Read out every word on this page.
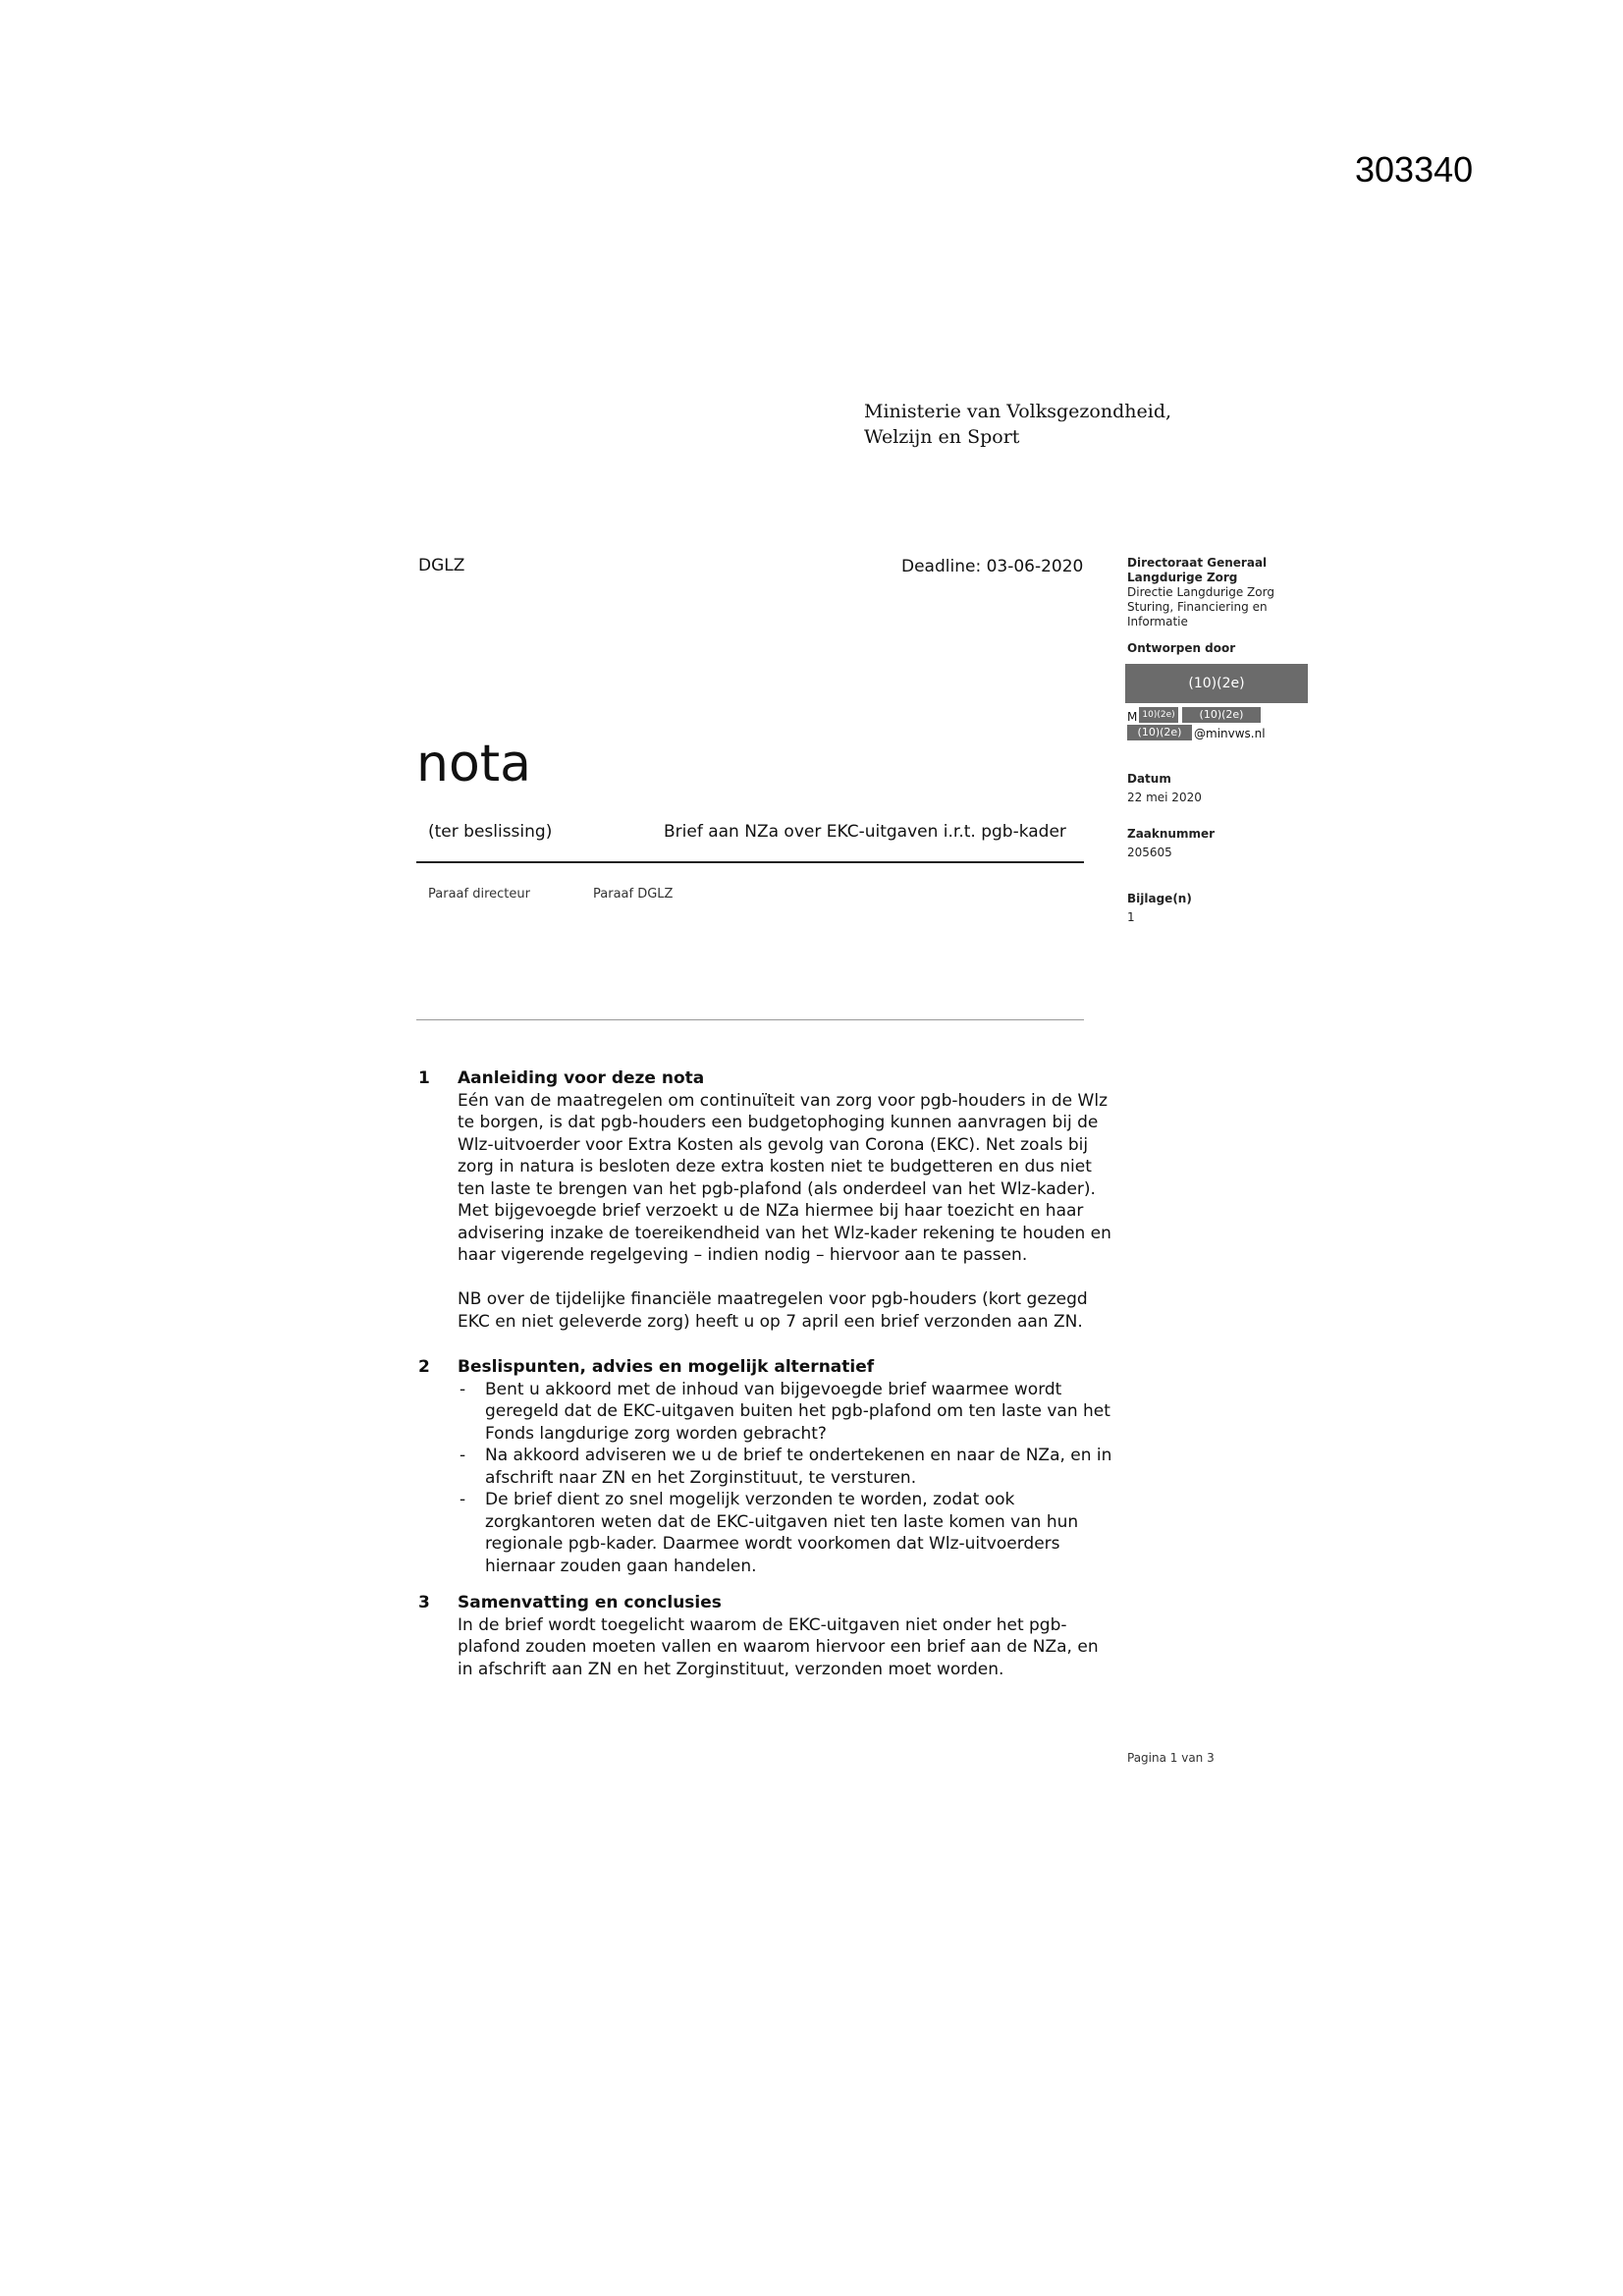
303340
Ministerie van Volksgezondheid,
Welzijn en Sport
DGLZ	Deadline: 03-06-2020
nota
(ter beslissing)	Brief aan NZa over EKC-uitgaven i.r.t. pgb-kader
Paraaf directeur	Paraaf DGLZ
Directoraat Generaal
Langdurige Zorg
Directie Langdurige Zorg
Sturing, Financiering en
Informatie
Ontworpen door
(10)(2e)
M 10)(2e)	(10)(2e)
(10)(2e)	@minvws.nl
Datum
22 mei 2020
Zaaknummer
205605
Bijlage(n)
1
1 Aanleiding voor deze nota
Eén van de maatregelen om continuïteit van zorg voor pgb-houders in de Wlz
te borgen, is dat pgb-houders een budgetophoging kunnen aanvragen bij de
Wlz-uitvoerder voor Extra Kosten als gevolg van Corona (EKC). Net zoals bij
zorg in natura is besloten deze extra kosten niet te budgetteren en dus niet
ten laste te brengen van het pgb-plafond (als onderdeel van het Wlz-kader).
Met bijgevoegde brief verzoekt u de NZa hiermee bij haar toezicht en haar
advisering inzake de toereikendheid van het Wlz-kader rekening te houden en
haar vigerende regelgeving – indien nodig – hiervoor aan te passen.
NB over de tijdelijke financiële maatregelen voor pgb-houders (kort gezegd
EKC en niet geleverde zorg) heeft u op 7 april een brief verzonden aan ZN.
2 Beslispunten, advies en mogelijk alternatief
- Bent u akkoord met de inhoud van bijgevoegde brief waarmee wordt
geregeld dat de EKC-uitgaven buiten het pgb-plafond om ten laste van het
Fonds langdurige zorg worden gebracht?
- Na akkoord adviseren we u de brief te ondertekenen en naar de NZa, en in
afschrift naar ZN en het Zorginstituut, te versturen.
- De brief dient zo snel mogelijk verzonden te worden, zodat ook
zorgkantoren weten dat de EKC-uitgaven niet ten laste komen van hun
regionale pgb-kader. Daarmee wordt voorkomen dat Wlz-uitvoerders
hiernaar zouden gaan handelen.
3 Samenvatting en conclusies
In de brief wordt toegelicht waarom de EKC-uitgaven niet onder het pgb-
plafond zouden moeten vallen en waarom hiervoor een brief aan de NZa, en
in afschrift aan ZN en het Zorginstituut, verzonden moet worden.
Pagina 1 van 3
